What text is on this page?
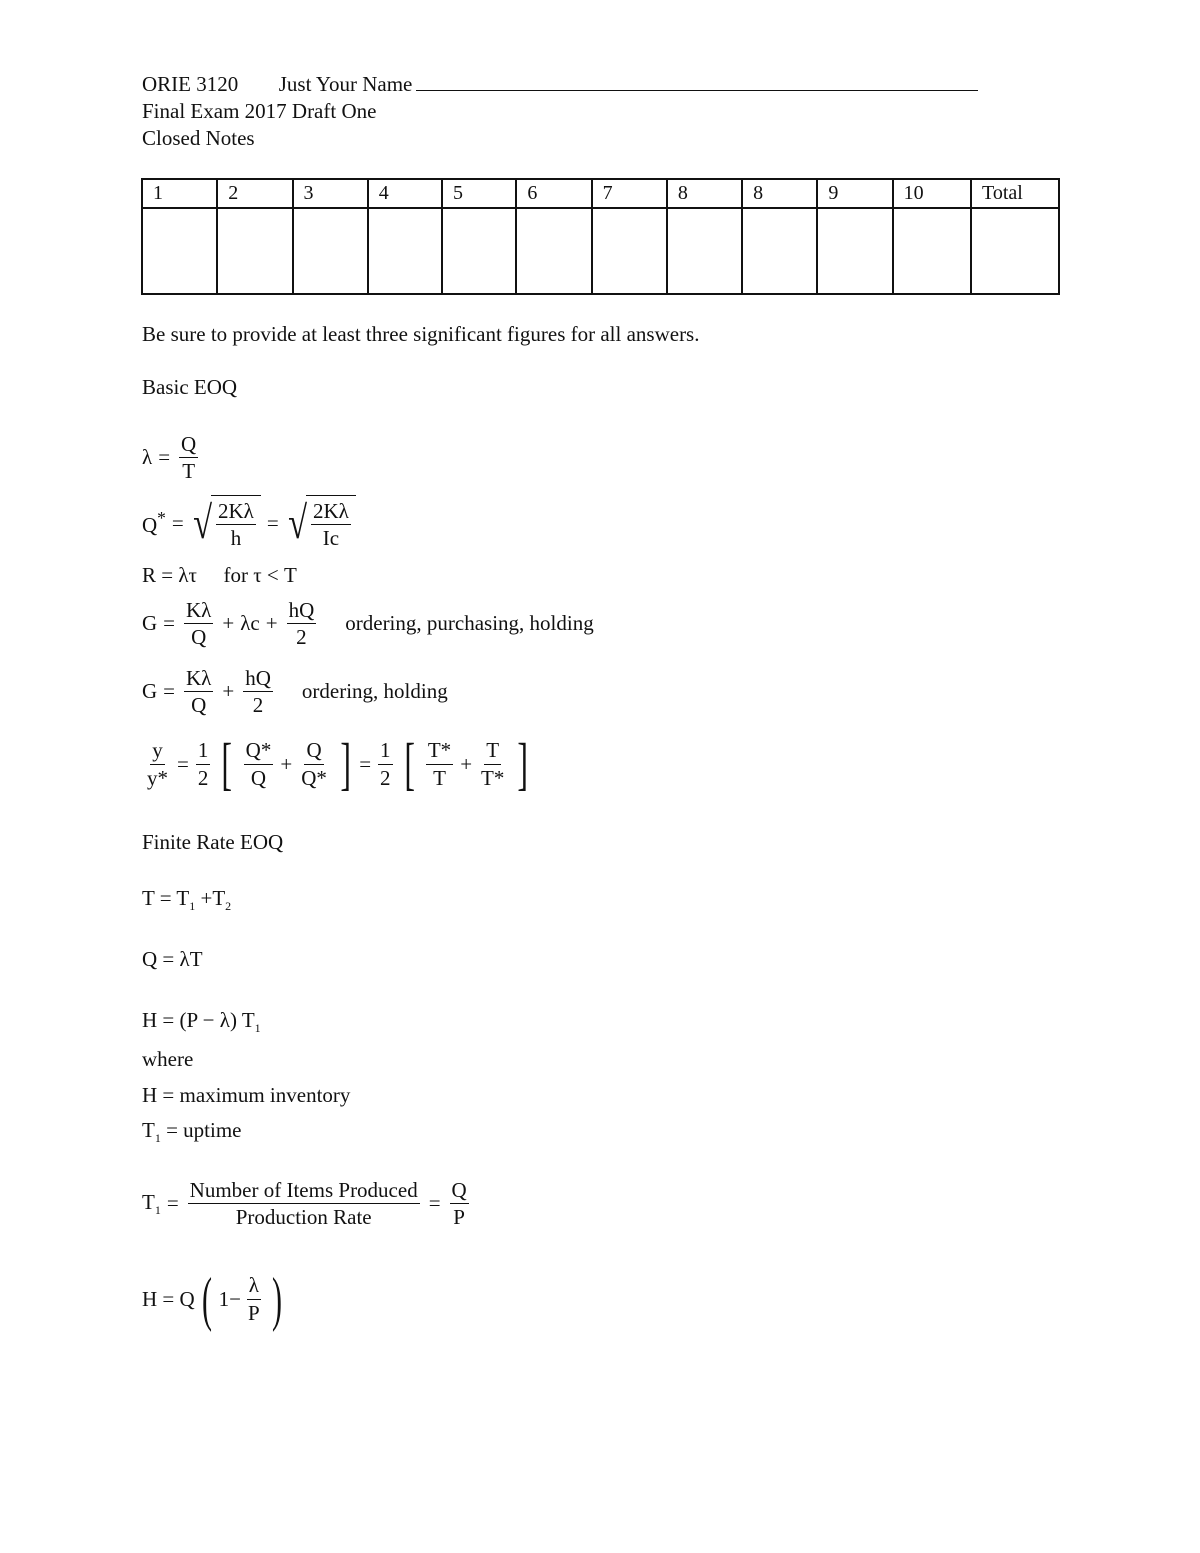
ORIE 3120 Just Your Name
Final Exam 2017 Draft One
Closed Notes
1	2	3	4	5	6	7	8	8	9	10	Total

Be sure to provide at least three significant figures for all answers.
Basic EOQ
$\lambda = \frac{Q}{T}$
Q* = √ $\frac{2K\lambda}{h}$ = √ $\frac{2K\lambda}{Ic}$
R = λτ for τ < T
$G = \frac{K\lambda}{Q} + \lambda c + \frac{hQ}{2}$ ordering, purchasing, holding
$G = \frac{K\lambda}{Q} + \frac{hQ}{2}$ ordering, holding
$\frac{y}{y*} = \frac{1}{2}$ [ $\frac{Q*}{Q} + \frac{Q}{Q*}$ ] = $\frac{1}{2}$ [ $\frac{T*}{T} + \frac{T}{T*}$ ]
Finite Rate EOQ
$T = T_1 +T_2$
Q = λT
H = (P − λ) $T_1$
where
H = maximum inventory
$T_1$ = uptime
$T_1 = \frac{\text{Number of Items Produced}}{\text{Production Rate}} = \frac{Q}{P}$
H = Q ( $1- \frac{\lambda}{P}$ )
